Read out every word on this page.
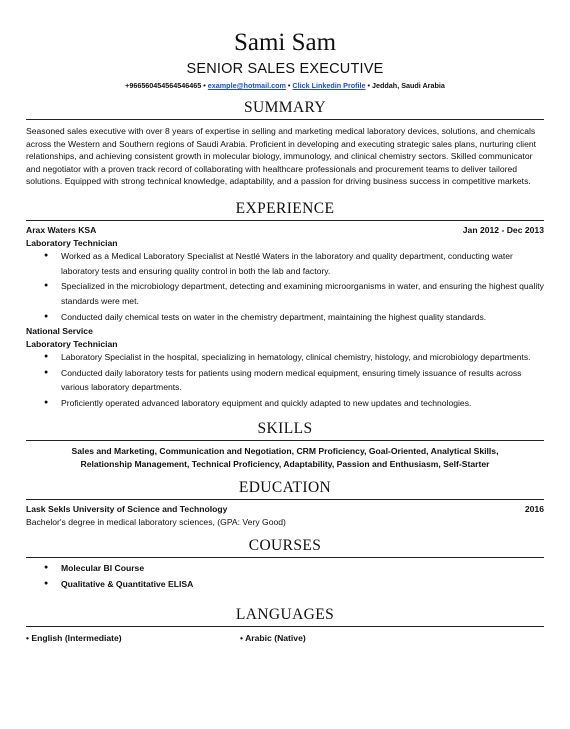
Sami Sam
SENIOR SALES EXECUTIVE
+966560454564546465 • example@hotmail.com • Click Linkedin Profile • Jeddah, Saudi Arabia
SUMMARY

Seasoned sales executive with over 8 years of expertise in selling and marketing medical laboratory devices, solutions, and chemicals across the Western and Southern regions of Saudi Arabia. Proficient in developing and executing strategic sales plans, nurturing client relationships, and achieving consistent growth in molecular biology, immunology, and clinical chemistry sectors. Skilled communicator and negotiator with a proven track record of collaborating with healthcare professionals and procurement teams to deliver tailored solutions. Equipped with strong technical knowledge, adaptability, and a passion for driving business success in competitive markets.

EXPERIENCE
Arax Waters KSA	Jan 2012 - Dec 2013
Laboratory Technician
● Worked as a Medical Laboratory Specialist at Nestlé Waters in the laboratory and quality department, conducting water laboratory tests and ensuring quality control in both the lab and factory.
● Specialized in the microbiology department, detecting and examining microorganisms in water, and ensuring the highest quality standards were met.
● Conducted daily chemical tests on water in the chemistry department, maintaining the highest quality standards.
National Service
Laboratory Technician
● Laboratory Specialist in the hospital, specializing in hematology, clinical chemistry, histology, and microbiology departments.
● Conducted daily laboratory tests for patients using modern medical equipment, ensuring timely issuance of results across various laboratory departments.
● Proficiently operated advanced laboratory equipment and quickly adapted to new updates and technologies.
SKILLS
Sales and Marketing, Communication and Negotiation, CRM Proficiency, Goal-Oriented, Analytical Skills,
Relationship Management, Technical Proficiency, Adaptability, Passion and Enthusiasm, Self-Starter
EDUCATION
Lask Sekls University of Science and Technology	2016
Bachelor's degree in medical laboratory sciences, (GPA: Very Good)
COURSES
● Molecular BI Course
● Qualitative & Quantitative ELISA
LANGUAGES
• English (Intermediate)	• Arabic (Native)
